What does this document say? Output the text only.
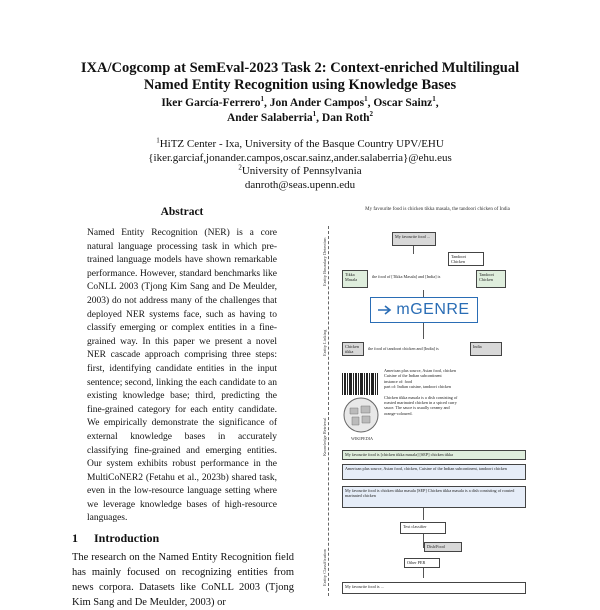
IXA/Cogcomp at SemEval-2023 Task 2: Context-enriched Multilingual
Named Entity Recognition using Knowledge Bases
Iker García-Ferrero$^1$, Jon Ander Campos$^1$, Oscar Sainz$^1$,
Ander Salaberria$^1$, Dan Roth$^2$
$^1$HiTZ Center - Ixa, University of the Basque Country UPV/EHU
{iker.garciaf,jonander.campos,oscar.sainz,ander.salaberria}@ehu.eus
$^2$University of Pennsylvania
danroth@seas.upenn.edu
Abstract
Named Entity Recognition (NER) is a core natural language processing task in which pre-trained language models have shown remarkable performance. However, standard benchmarks like CoNLL 2003 (Tjong Kim Sang and De Meulder, 2003) do not address many of the challenges that deployed NER systems face, such as having to classify emerging or complex entities in a fine-grained way. In this paper we present a novel NER cascade approach comprising three steps: first, identifying candidate entities in the input sentence; second, linking the each candidate to an existing knowledge base; third, predicting the fine-grained category for each entity candidate. We empirically demonstrate the significance of external knowledge bases in accurately classifying fine-grained and emerging entities. Our system exhibits robust performance in the MultiCoNER2 (Fetahu et al., 2023b) shared task, even in the low-resource language setting where we leverage knowledge bases of high-resource languages.
1 Introduction
The research on the Named Entity Recognition field has mainly focused on recognizing entities from news corpora. Datasets like CoNLL 2003 (Tjong Kim Sang and De Meulder, 2003) or
My favourite food is chicken tikka masala, the tandoori chicken of India
Entity Boundary Detection
Entity Linking
Knowledge Retrieval
Entity Classification
My favourite food ...
Tandoori Chicken
Tikka Masala
the food of [Tikka Masala] and [India] is	Tandoori Chicken
mGENRE
Chicken tikka
the food of tandoori chicken and [India] is	India
WIKIPEDIA
American plus source, Asian food, chicken
Cuisine of the Indian subcontinent
instance of: food
part of: Indian cuisine, tandoori chicken
Chicken tikka masala is a dish consisting of
roasted marinated chicken in a spiced curry
sauce. The sauce is usually creamy and
orange-coloured.
My favourite food is [chicken tikka masala] [SEP] chicken tikka
American plus source, Asian food, chicken, Cuisine of the Indian subcontinent, tandoori chicken
My favourite food is chicken tikka masala [SEP] Chicken tikka masala is a dish consisting of roasted marinated chicken
Text classifier
Dish/Food
Other PER
My favourite food is ...
